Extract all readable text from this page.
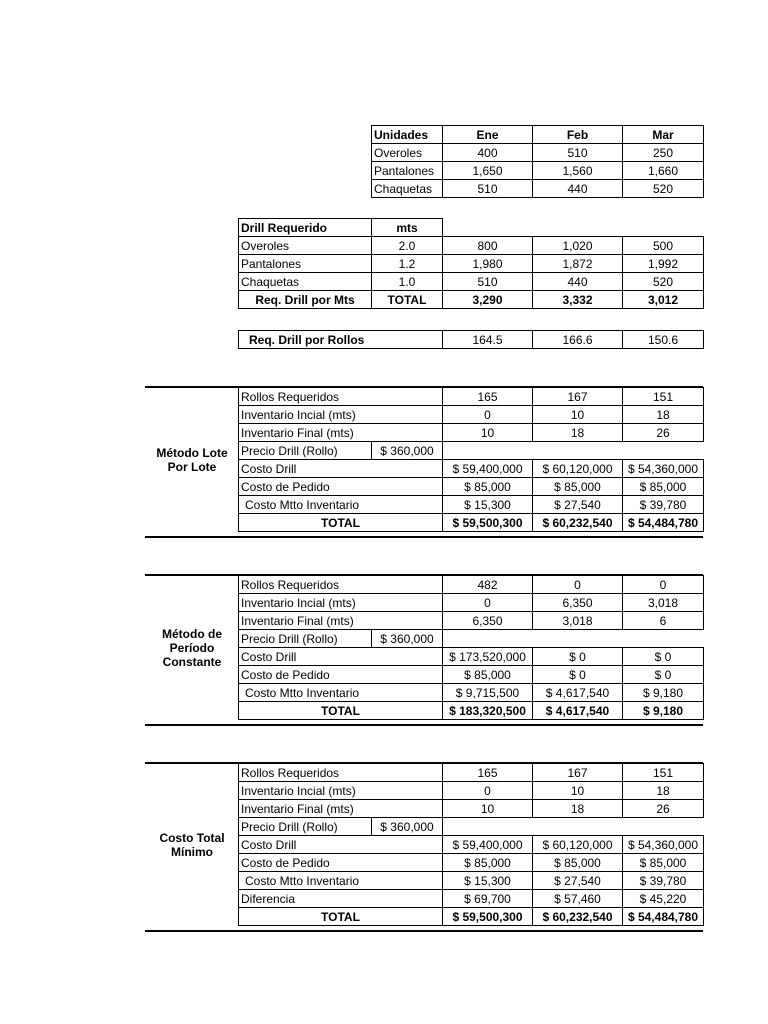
Unidades	Ene	Feb	Mar
Overoles	400	510	250
Pantalones	1,650	1,560	1,660
Chaquetas	510	440	520
Drill Requerido	mts			
Overoles	2.0	800	1,020	500
Pantalones	1.2	1,980	1,872	1,992
Chaquetas	1.0	510	440	520
Req. Drill por Mts	TOTAL	3,290	3,332	3,012
Req. Drill por Rollos	164.5	166.6	150.6
Método Lote Por Lote
Rollos Requeridos		165	167	151
Inventario Incial (mts)		0	10	18
Inventario Final (mts)		10	18	26
Precio Drill (Rollo)	$ 360,000			
Costo Drill		$ 59,400,000	$ 60,120,000	$ 54,360,000
Costo de Pedido		$ 85,000	$ 85,000	$ 85,000
Costo Mtto Inventario		$ 15,300	$ 27,540	$ 39,780
TOTAL		$ 59,500,300	$ 60,232,540	$ 54,484,780
Método de Período Constante
Rollos Requeridos		482	0	0
Inventario Incial (mts)		0	6,350	3,018
Inventario Final (mts)		6,350	3,018	6
Precio Drill (Rollo)	$ 360,000			
Costo Drill		$ 173,520,000	$ 0	$ 0
Costo de Pedido		$ 85,000	$ 0	$ 0
Costo Mtto Inventario		$ 9,715,500	$ 4,617,540	$ 9,180
TOTAL		$ 183,320,500	$ 4,617,540	$ 9,180
Costo Total Mínimo
Rollos Requeridos		165	167	151
Inventario Incial (mts)		0	10	18
Inventario Final (mts)		10	18	26
Precio Drill (Rollo)	$ 360,000			
Costo Drill		$ 59,400,000	$ 60,120,000	$ 54,360,000
Costo de Pedido		$ 85,000	$ 85,000	$ 85,000
Costo Mtto Inventario		$ 15,300	$ 27,540	$ 39,780
Diferencia		$ 69,700	$ 57,460	$ 45,220
TOTAL		$ 59,500,300	$ 60,232,540	$ 54,484,780
